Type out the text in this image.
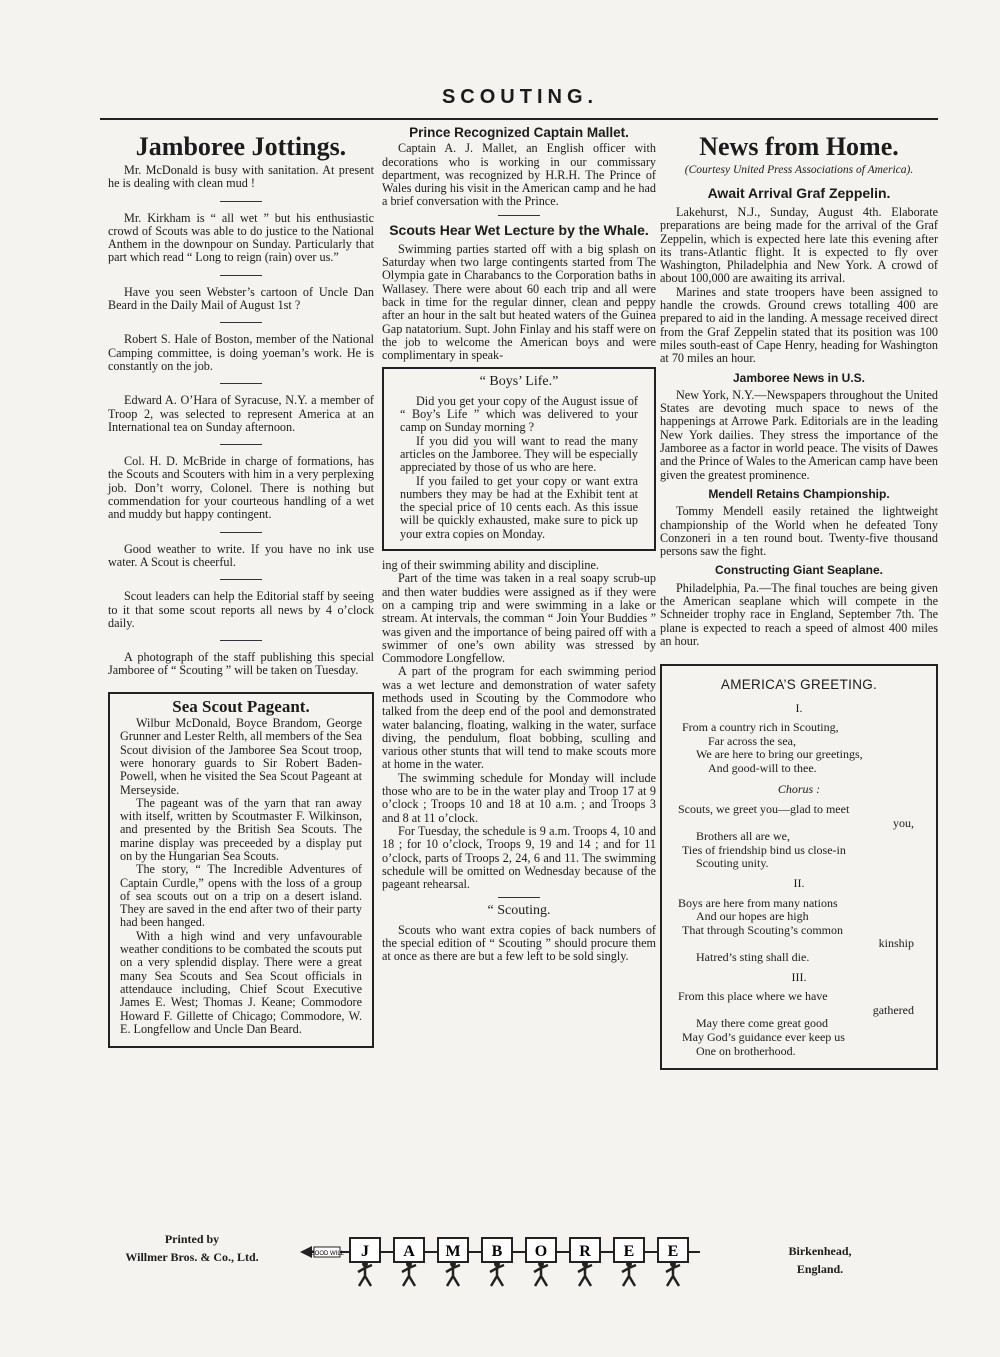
SCOUTING.
Jamboree Jottings.

Mr. McDonald is busy with sanitation. At present he is dealing with clean mud !

Mr. Kirkham is “ all wet ” but his enthusiastic crowd of Scouts was able to do justice to the National Anthem in the downpour on Sunday. Particularly that part which read “ Long to reign (rain) over us.”

Have you seen Webster’s cartoon of Uncle Dan Beard in the Daily Mail of August 1st ?

Robert S. Hale of Boston, member of the National Camping committee, is doing yoeman’s work. He is constantly on the job.

Edward A. O’Hara of Syracuse, N.Y. a member of Troop 2, was selected to represent America at an International tea on Sunday afternoon.

Col. H. D. McBride in charge of formations, has the Scouts and Scouters with him in a very perplexing job. Don’t worry, Colonel. There is nothing but commendation for your courteous handling of a wet and muddy but happy contingent.

Good weather to write. If you have no ink use water. A Scout is cheerful.

Scout leaders can help the Editorial staff by seeing to it that some scout reports all news by 4 o’clock daily.

A photograph of the staff publishing this special Jamboree of “ Scouting ” will be taken on Tuesday.

Sea Scout Pageant.

Wilbur McDonald, Boyce Brandom, George Grunner and Lester Relth, all members of the Sea Scout division of the Jamboree Sea Scout troop, were honorary guards to Sir Robert Baden-Powell, when he visited the Sea Scout Pageant at Merseyside.

The pageant was of the yarn that ran away with itself, written by Scoutmaster F. Wilkinson, and presented by the British Sea Scouts. The marine display was preceeded by a display put on by the Hungarian Sea Scouts.

The story, “ The Incredible Adventures of Captain Curdle,” opens with the loss of a group of sea scouts out on a trip on a desert island. They are saved in the end after two of their party had been hanged.

With a high wind and very unfavourable weather conditions to be combated the scouts put on a very splendid display. There were a great many Sea Scouts and Sea Scout officials in attendauce including, Chief Scout Executive James E. West; Thomas J. Keane; Commodore Howard F. Gillette of Chicago; Commodore, W. E. Longfellow and Uncle Dan Beard.

Prince Recognized Captain Mallet.

Captain A. J. Mallet, an English officer with decorations who is working in our commissary department, was recognized by H.R.H. The Prince of Wales during his visit in the American camp and he had a brief conversation with the Prince.

Scouts Hear Wet Lecture by the Whale.

Swimming parties started off with a big splash on Saturday when two large contingents started from The Olympia gate in Charabancs to the Corporation baths in Wallasey. There were about 60 each trip and all were back in time for the regular dinner, clean and peppy after an hour in the salt but heated waters of the Guinea Gap natatorium. Supt. John Finlay and his staff were on the job to welcome the American boys and were complimentary in speak-

“ Boys’ Life.”

Did you get your copy of the August issue of “ Boy’s Life ” which was delivered to your camp on Sunday morning ?

If you did you will want to read the many articles on the Jamboree. They will be especially appreciated by those of us who are here.

If you failed to get your copy or want extra numbers they may be had at the Exhibit tent at the special price of 10 cents each. As this issue will be quickly exhausted, make sure to pick up your extra copies on Monday.

ing of their swimming ability and discipline.

Part of the time was taken in a real soapy scrub-up and then water buddies were assigned as if they were on a camping trip and were swimming in a lake or stream. At intervals, the comman “ Join Your Buddies ” was given and the importance of being paired off with a swimmer of one’s own ability was stressed by Commodore Longfellow.

A part of the program for each swimming period was a wet lecture and demonstration of water safety methods used in Scouting by the Commodore who talked from the deep end of the pool and demonstrated water balancing, floating, walking in the water, surface diving, the pendulum, float bobbing, sculling and various other stunts that will tend to make scouts more at home in the water.

The swimming schedule for Monday will include those who are to be in the water play and Troop 17 at 9 o’clock ; Troops 10 and 18 at 10 a.m. ; and Troops 3 and 8 at 11 o’clock.

For Tuesday, the schedule is 9 a.m. Troops 4, 10 and 18 ; for 10 o’clock, Troops 9, 19 and 14 ; and for 11 o’clock, parts of Troops 2, 24, 6 and 11. The swimming schedule will be omitted on Wednesday because of the pageant rehearsal.

“ Scouting.

Scouts who want extra copies of back numbers of the special edition of “ Scouting ” should procure them at once as there are but a few left to be sold singly.

News from Home.
(Courtesy United Press Associations of America).
Await Arrival Graf Zeppelin.

Lakehurst, N.J., Sunday, August 4th. Elaborate preparations are being made for the arrival of the Graf Zeppelin, which is expected here late this evening after its trans-Atlantic flight. It is expected to fly over Washington, Philadelphia and New York. A crowd of about 100,000 are awaiting its arrival.

Marines and state troopers have been assigned to handle the crowds. Ground crews totalling 400 are prepared to aid in the landing. A message received direct from the Graf Zeppelin stated that its position was 100 miles south-east of Cape Henry, heading for Washington at 70 miles an hour.

Jamboree News in U.S.

New York, N.Y.—Newspapers throughout the United States are devoting much space to news of the happenings at Arrowe Park. Editorials are in the leading New York dailies. They stress the importance of the Jamboree as a factor in world peace. The visits of Dawes and the Prince of Wales to the American camp have been given the greatest prominence.

Mendell Retains Championship.

Tommy Mendell easily retained the lightweight championship of the World when he defeated Tony Conzoneri in a ten round bout. Twenty-five thousand persons saw the fight.

Constructing Giant Seaplane.

Philadelphia, Pa.—The final touches are being given the American seaplane which will compete in the Schneider trophy race in England, September 7th. The plane is expected to reach a speed of almost 400 miles an hour.

AMERICA’S GREETING.
I.
From a country rich in Scouting,
Far across the sea,
We are here to bring our greetings,
And good-will to thee.
Chorus :
Scouts, we greet you—glad to meet
you,
Brothers all are we,
Ties of friendship bind us close-in
Scouting unity.
II.
Boys are here from many nations
And our hopes are high
That through Scouting’s common
kinship
Hatred’s sting shall die.
III.
From this place where we have
gathered
May there come great good
May God’s guidance ever keep us
One on brotherhood.
Printed by
Willmer Bros. & Co., Ltd.	J A M B O R E E
GOOD WILL	Birkenhead,
England.
